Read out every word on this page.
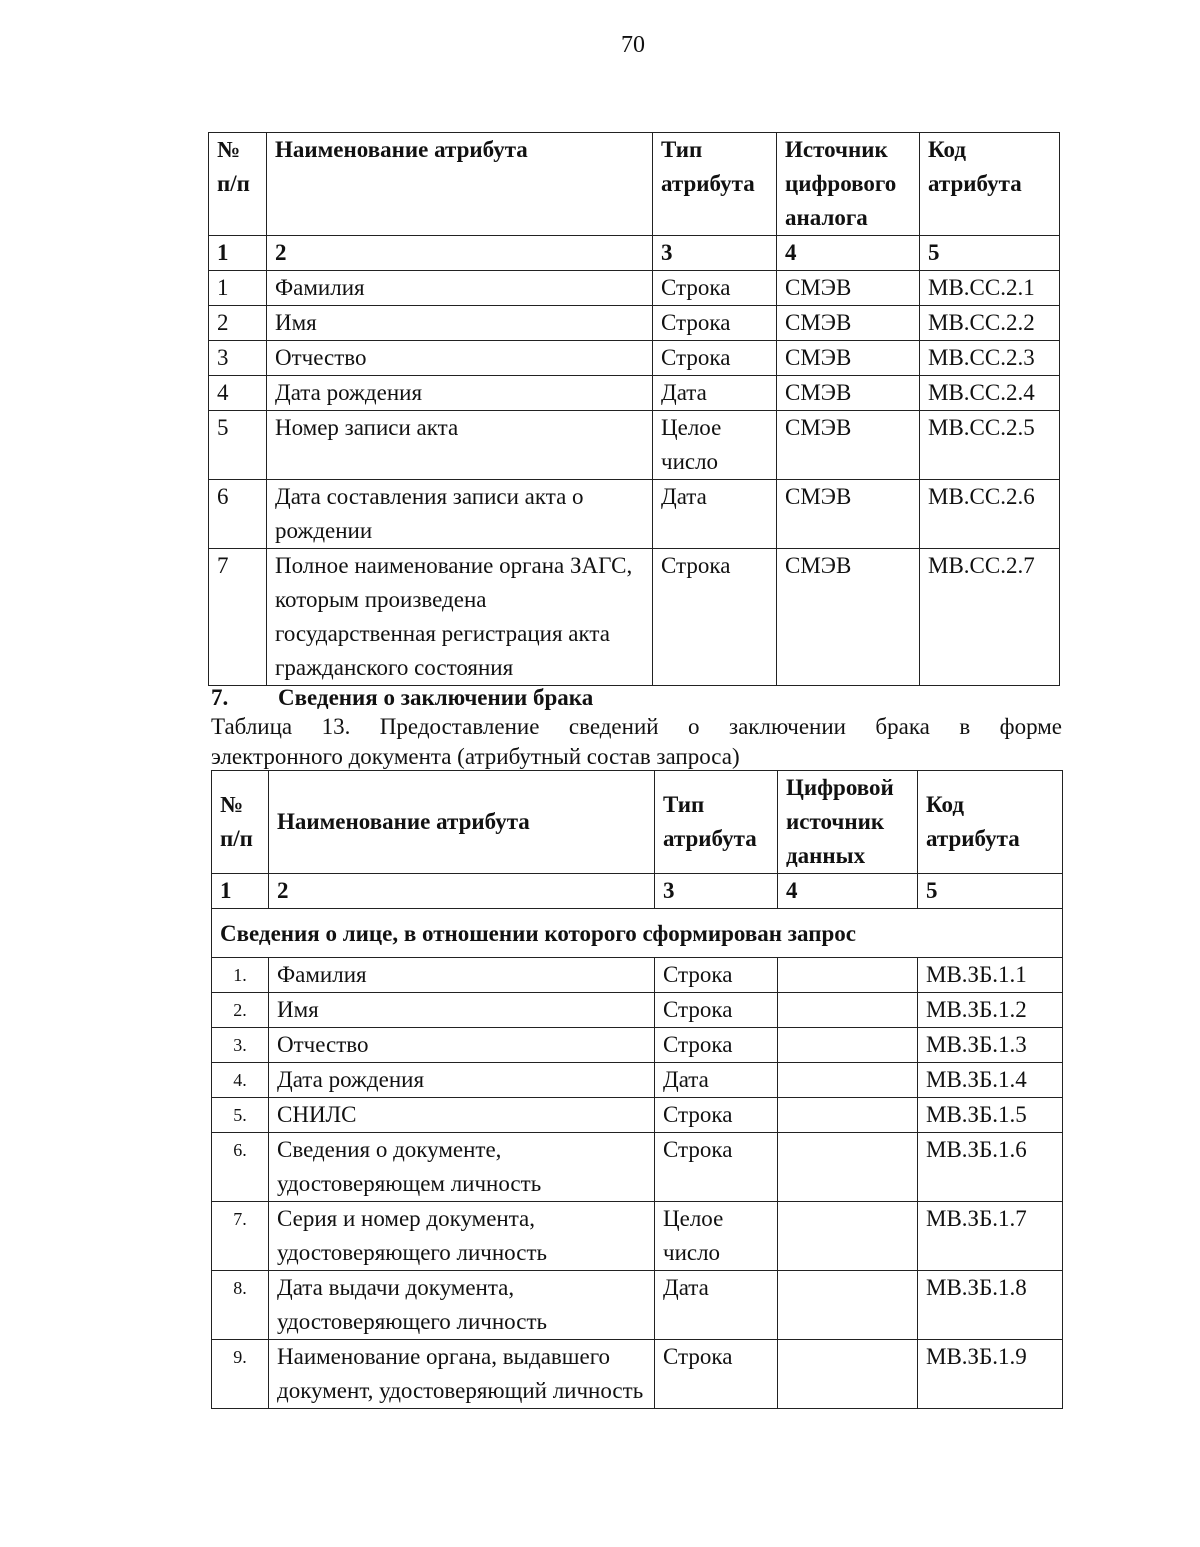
70
№ п/п	Наименование атрибута	Тип атрибута	Источник цифрового аналога	Код атрибута
1	2	3	4	5
1	Фамилия	Строка	СМЭВ	МВ.СС.2.1
2	Имя	Строка	СМЭВ	МВ.СС.2.2
3	Отчество	Строка	СМЭВ	МВ.СС.2.3
4	Дата рождения	Дата	СМЭВ	МВ.СС.2.4
5	Номер записи акта	Целое число	СМЭВ	МВ.СС.2.5
6	Дата составления записи акта о рождении	Дата	СМЭВ	МВ.СС.2.6
7	Полное наименование органа ЗАГС, которым произведена государственная регистрация акта гражданского состояния	Строка	СМЭВ	МВ.СС.2.7
7. Сведения о заключении брака
Таблица 13. Предоставление сведений о заключении брака в форме
электронного документа (атрибутный состав запроса)
№ п/п	Наименование атрибута	Тип атрибута	Цифровой источник данных	Код атрибута
1	2	3	4	5
Сведения о лице, в отношении которого сформирован запрос				
1.	Фамилия	Строка		МВ.ЗБ.1.1
2.	Имя	Строка		МВ.ЗБ.1.2
3.	Отчество	Строка		МВ.ЗБ.1.3
4.	Дата рождения	Дата		МВ.ЗБ.1.4
5.	СНИЛС	Строка		МВ.ЗБ.1.5
6.	Сведения о документе, удостоверяющем личность	Строка		МВ.ЗБ.1.6
7.	Серия и номер документа, удостоверяющего личность	Целое число		МВ.ЗБ.1.7
8.	Дата выдачи документа, удостоверяющего личность	Дата		МВ.ЗБ.1.8
9.	Наименование органа, выдавшего документ, удостоверяющий личность	Строка		МВ.ЗБ.1.9
